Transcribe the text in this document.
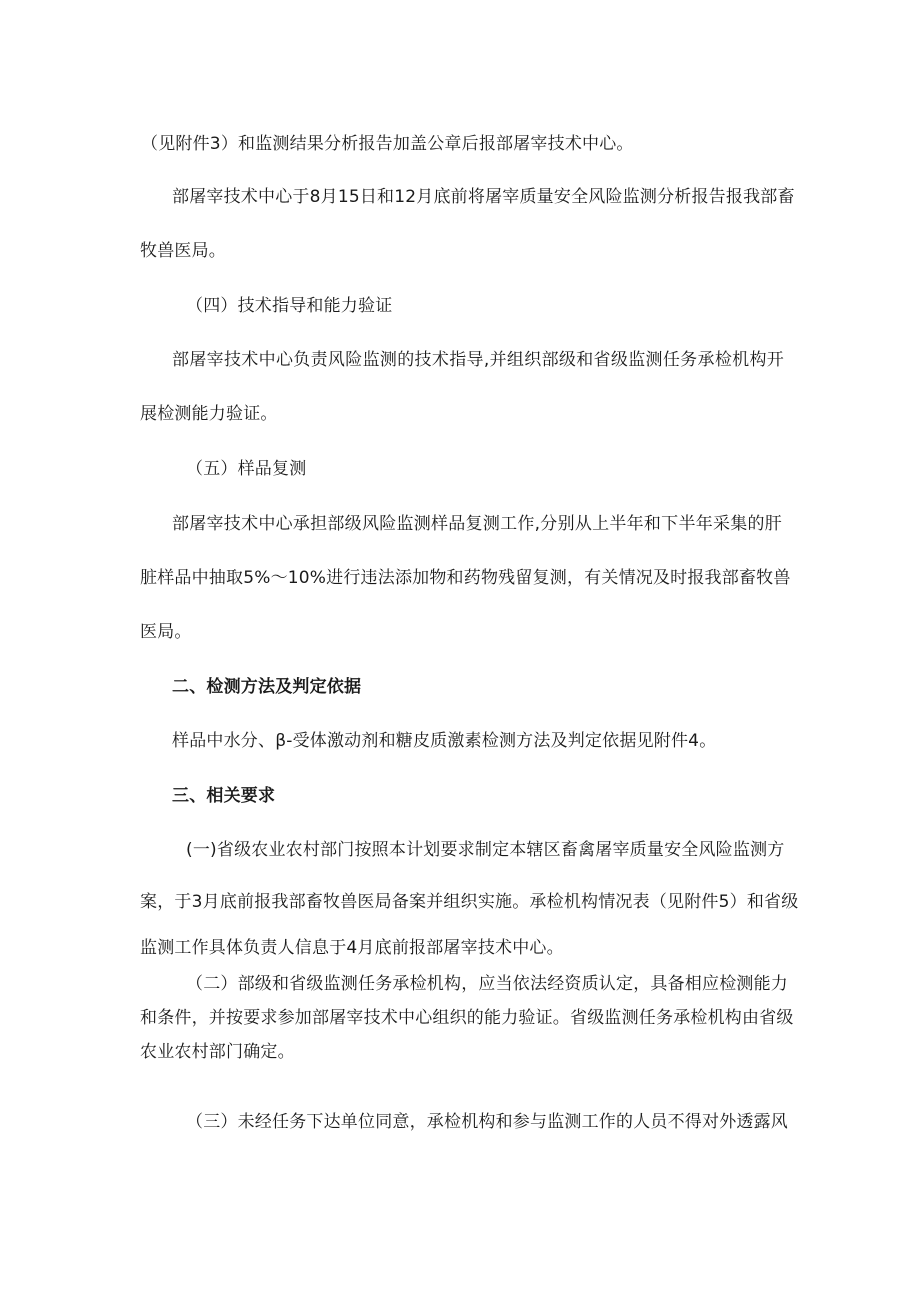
（见附件3）和监测结果分析报告加盖公章后报部屠宰技术中心。
部屠宰技术中心于8月15日和12月底前将屠宰质量安全风险监测分析报告报我部畜
牧兽医局。
（四）技术指导和能力验证
部屠宰技术中心负责风险监测的技术指导,并组织部级和省级监测任务承检机构开
展检测能力验证。
（五）样品复测
部屠宰技术中心承担部级风险监测样品复测工作,分别从上半年和下半年采集的肝
脏样品中抽取5%～10%进行违法添加物和药物残留复测，有关情况及时报我部畜牧兽
医局。
二、检测方法及判定依据
样品中水分、β-受体激动剂和糖皮质激素检测方法及判定依据见附件4。
三、相关要求
(一)省级农业农村部门按照本计划要求制定本辖区畜禽屠宰质量安全风险监测方
案，于3月底前报我部畜牧兽医局备案并组织实施。承检机构情况表（见附件5）和省级
监测工作具体负责人信息于4月底前报部屠宰技术中心。
（二）部级和省级监测任务承检机构，应当依法经资质认定，具备相应检测能力
和条件，并按要求参加部屠宰技术中心组织的能力验证。省级监测任务承检机构由省级
农业农村部门确定。
（三）未经任务下达单位同意，承检机构和参与监测工作的人员不得对外透露风
